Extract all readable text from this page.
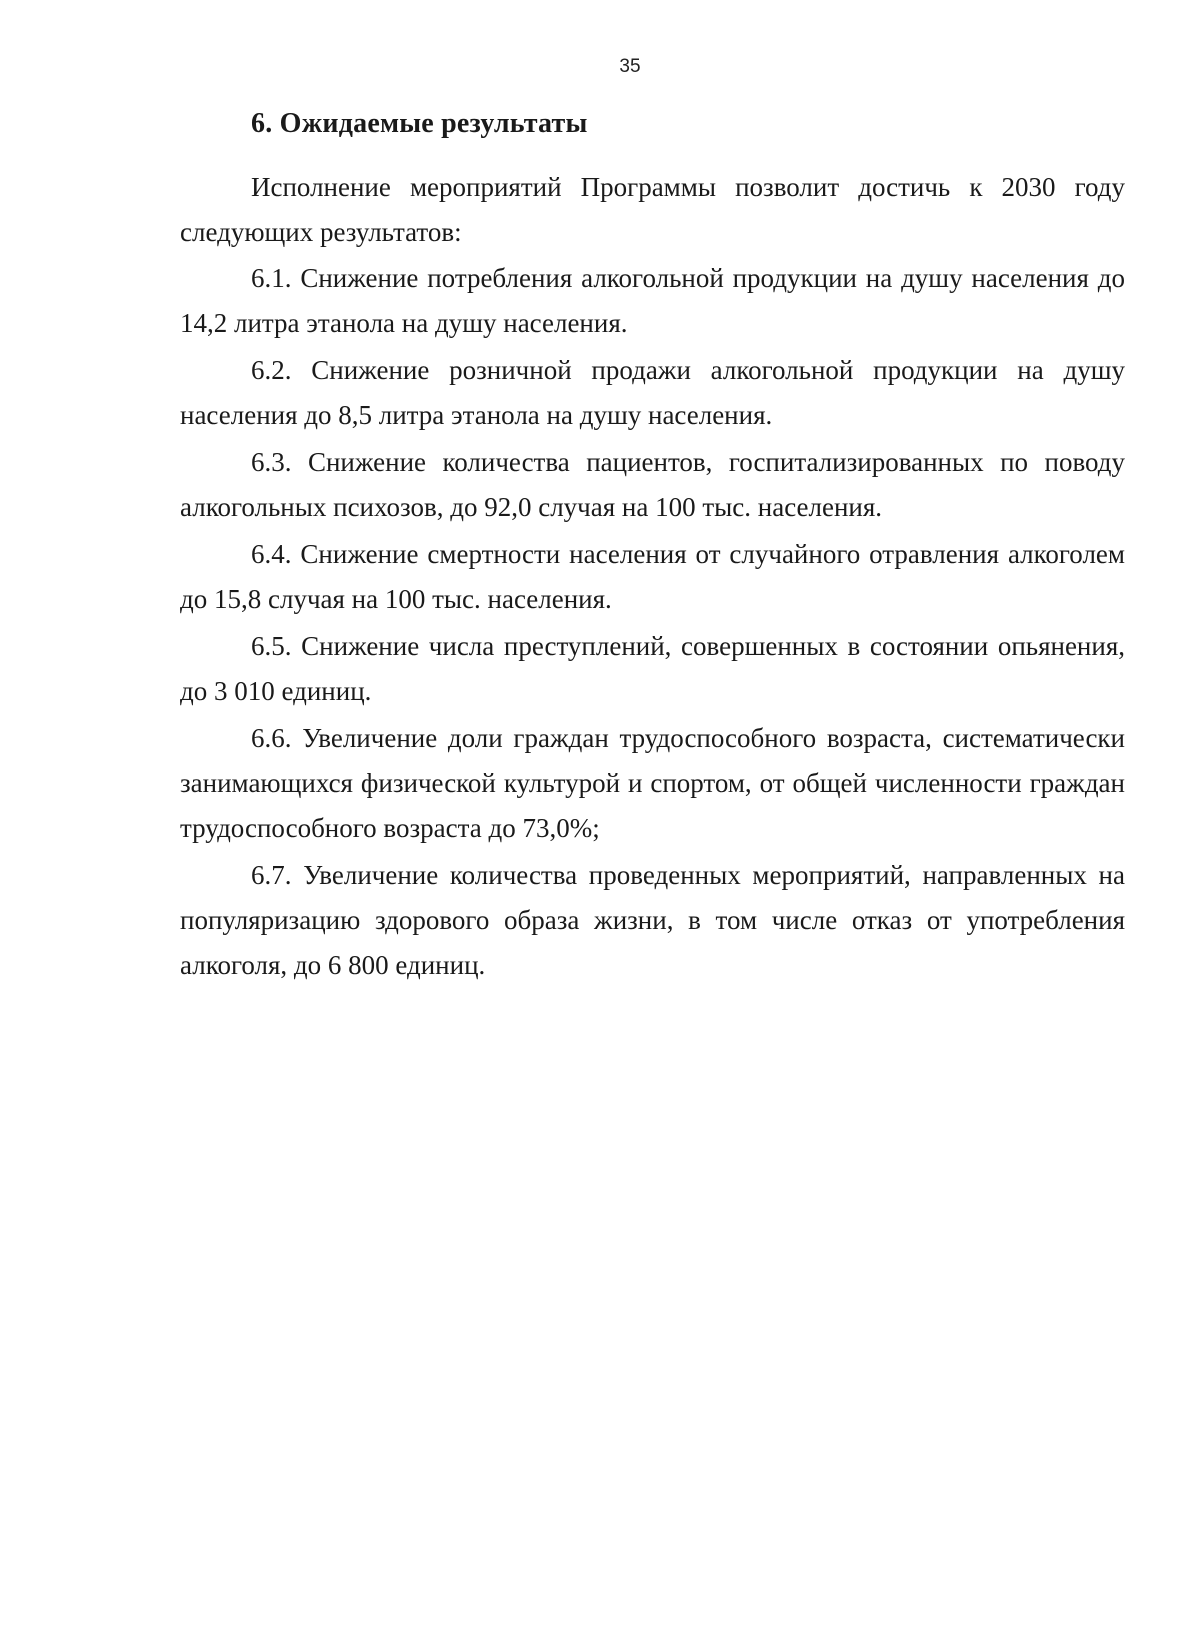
35
6. Ожидаемые результаты

Исполнение мероприятий Программы позволит достичь к 2030 году следующих результатов:

6.1. Снижение потребления алкогольной продукции на душу населения до 14,2 литра этанола на душу населения.

6.2. Снижение розничной продажи алкогольной продукции на душу населения до 8,5 литра этанола на душу населения.

6.3. Снижение количества пациентов, госпитализированных по поводу алкогольных психозов, до 92,0 случая на 100 тыс. населения.

6.4. Снижение смертности населения от случайного отравления алкоголем до 15,8 случая на 100 тыс. населения.

6.5. Снижение числа преступлений, совершенных в состоянии опьянения, до 3 010 единиц.

6.6. Увеличение доли граждан трудоспособного возраста, систематически занимающихся физической культурой и спортом, от общей численности граждан трудоспособного возраста до 73,0%;

6.7. Увеличение количества проведенных мероприятий, направленных на популяризацию здорового образа жизни, в том числе отказ от употребления алкоголя, до 6 800 единиц.
